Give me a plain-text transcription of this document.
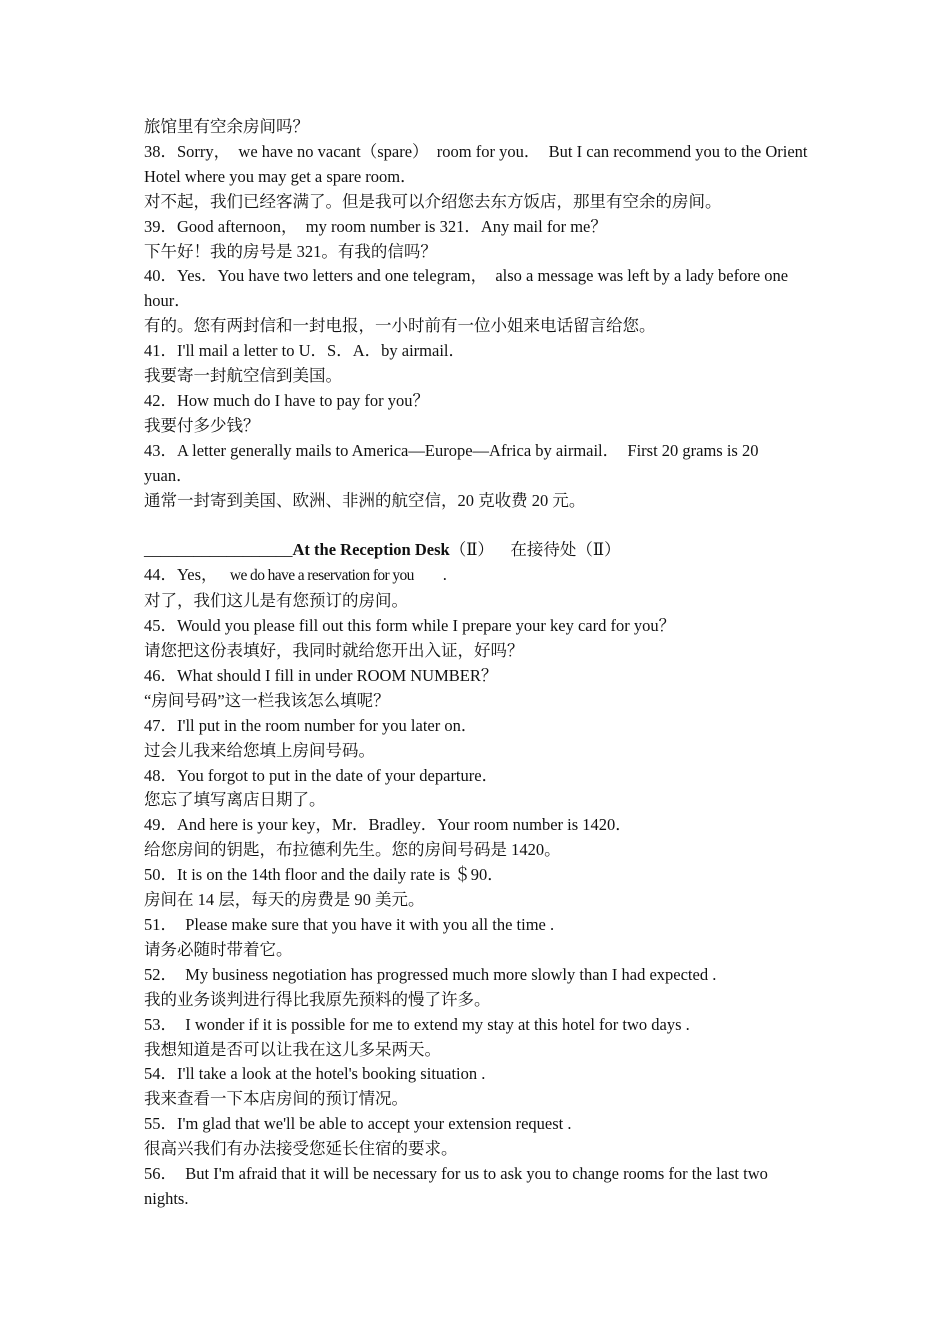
旅馆里有空余房间吗？
38．Sorry，  we have no vacant（spare）  room for you．  But I can recommend you to the Orient Hotel where you may get a spare room．
对不起，我们已经客满了。但是我可以介绍您去东方饭店，那里有空余的房间。
39．Good afternoon，  my room number is 321．Any mail for me？
下午好！我的房号是 321。有我的信吗？
40．Yes．You have two letters and one telegram，  also a message was left by a lady before one hour．
有的。您有两封信和一封电报，一小时前有一位小姐来电话留言给您。
41．I'll mail a letter to U．S．A．by airmail．
我要寄一封航空信到美国。
42．How much do I have to pay for you？
我要付多少钱？
43．A letter generally mails to America—Europe—Africa by airmail．  First 20 grams is 20 yuan．
通常一封寄到美国、欧洲、非洲的航空信，20 克收费 20 元。
__________________At the Reception Desk（Ⅱ）    在接待处（Ⅱ）
44．Yes，   we do have a reservation for you       .
对了，我们这儿是有您预订的房间。
45．Would you please fill out this form while I prepare your key card for you？
请您把这份表填好，我同时就给您开出入证，好吗？
46．What should I fill in under ROOM NUMBER？
“房间号码”这一栏我该怎么填呢？
47．I'll put in the room number for you later on．
过会儿我来给您填上房间号码。
48．You forgot to put in the date of your departure．
您忘了填写离店日期了。
49．And here is your key，Mr．Bradley．Your room number is 1420．
给您房间的钥匙，布拉德利先生。您的房间号码是 1420。
50．It is on the 14th floor and the daily rate is ＄90．
房间在 14 层，每天的房费是 90 美元。
51．  Please make sure that you have it with you all the time .
请务必随时带着它。
52．  My business negotiation has progressed much more slowly than I had expected .
我的业务谈判进行得比我原先预料的慢了许多。
53．  I wonder if it is possible for me to extend my stay at this hotel for two days .
我想知道是否可以让我在这儿多呆两天。
54．I'll take a look at the hotel's booking situation .
我来查看一下本店房间的预订情况。
55．I'm glad that we'll be able to accept your extension request .
很高兴我们有办法接受您延长住宿的要求。
56．  But I'm afraid that it will be necessary for us to ask you to change rooms for the last two nights.
